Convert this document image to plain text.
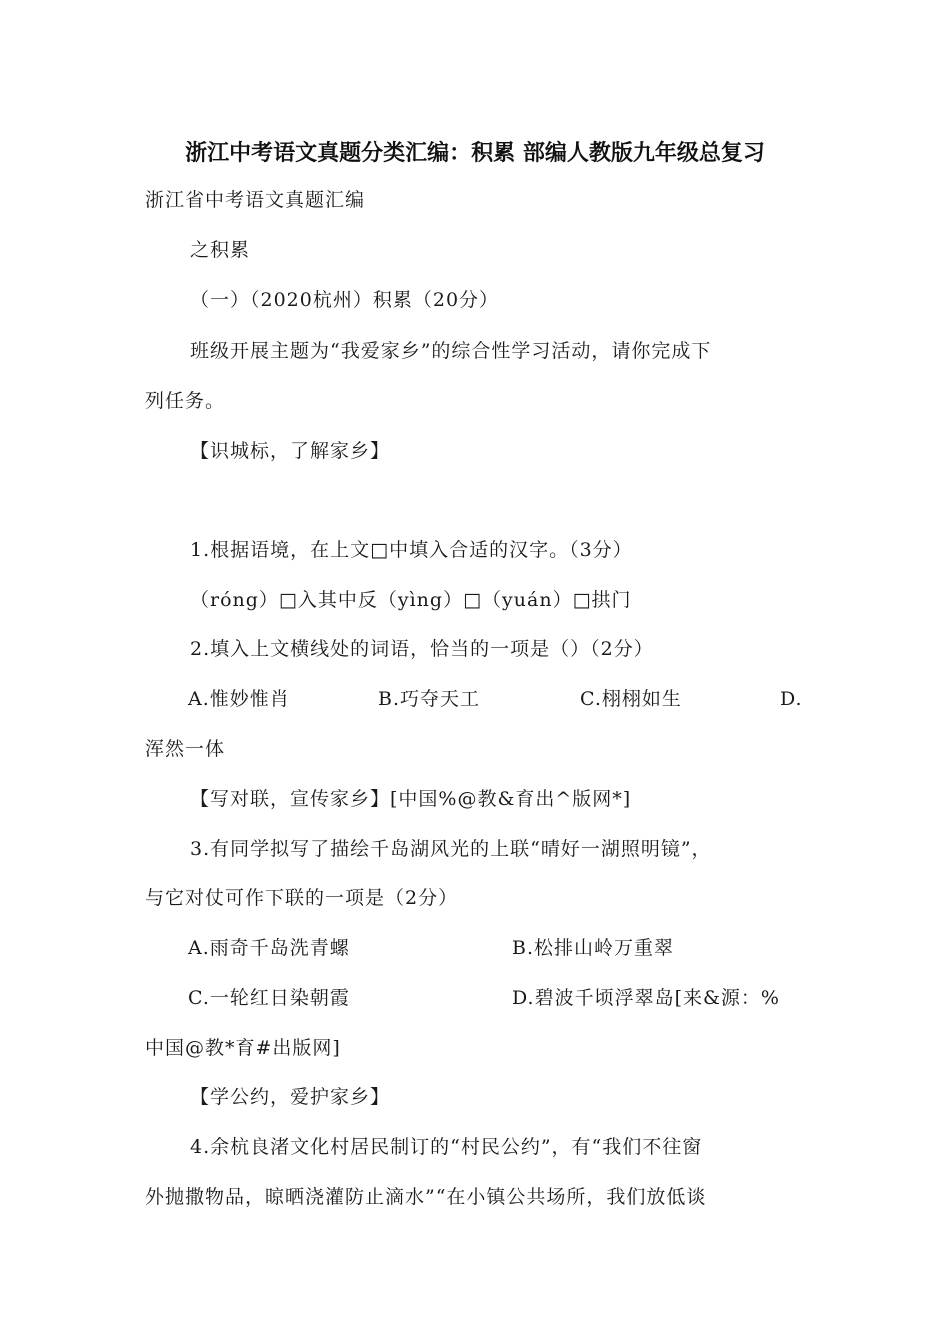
浙江中考语文真题分类汇编：积累 部编人教版九年级总复习
浙江省中考语文真题汇编
之积累
（一）（2020杭州）积累（20分）
班级开展主题为“我爱家乡”的综合性学习活动，请你完成下
列任务。
【识城标，了解家乡】
1.根据语境，在上文□中填入合适的汉字。（3分）
（róng）□入其中反（yìng）□（yuán）□拱门
2.填入上文横线处的词语，恰当的一项是（）（2分）
A.惟妙惟肖	B.巧夺天工	C.栩栩如生	D.
浑然一体
【写对联，宣传家乡】[中国%@教&育出^版网*]
3.有同学拟写了描绘千岛湖风光的上联“晴好一湖照明镜”，
与它对仗可作下联的一项是（2分）
A.雨奇千岛洗青螺	B.松排山岭万重翠
C.一轮红日染朝霞	D.碧波千顷浮翠岛[来&源：%
中国@教*育#出版网]
【学公约，爱护家乡】
4.余杭良渚文化村居民制订的“村民公约”，有“我们不往窗
外抛撒物品，晾晒浇灌防止滴水”“在小镇公共场所，我们放低谈
